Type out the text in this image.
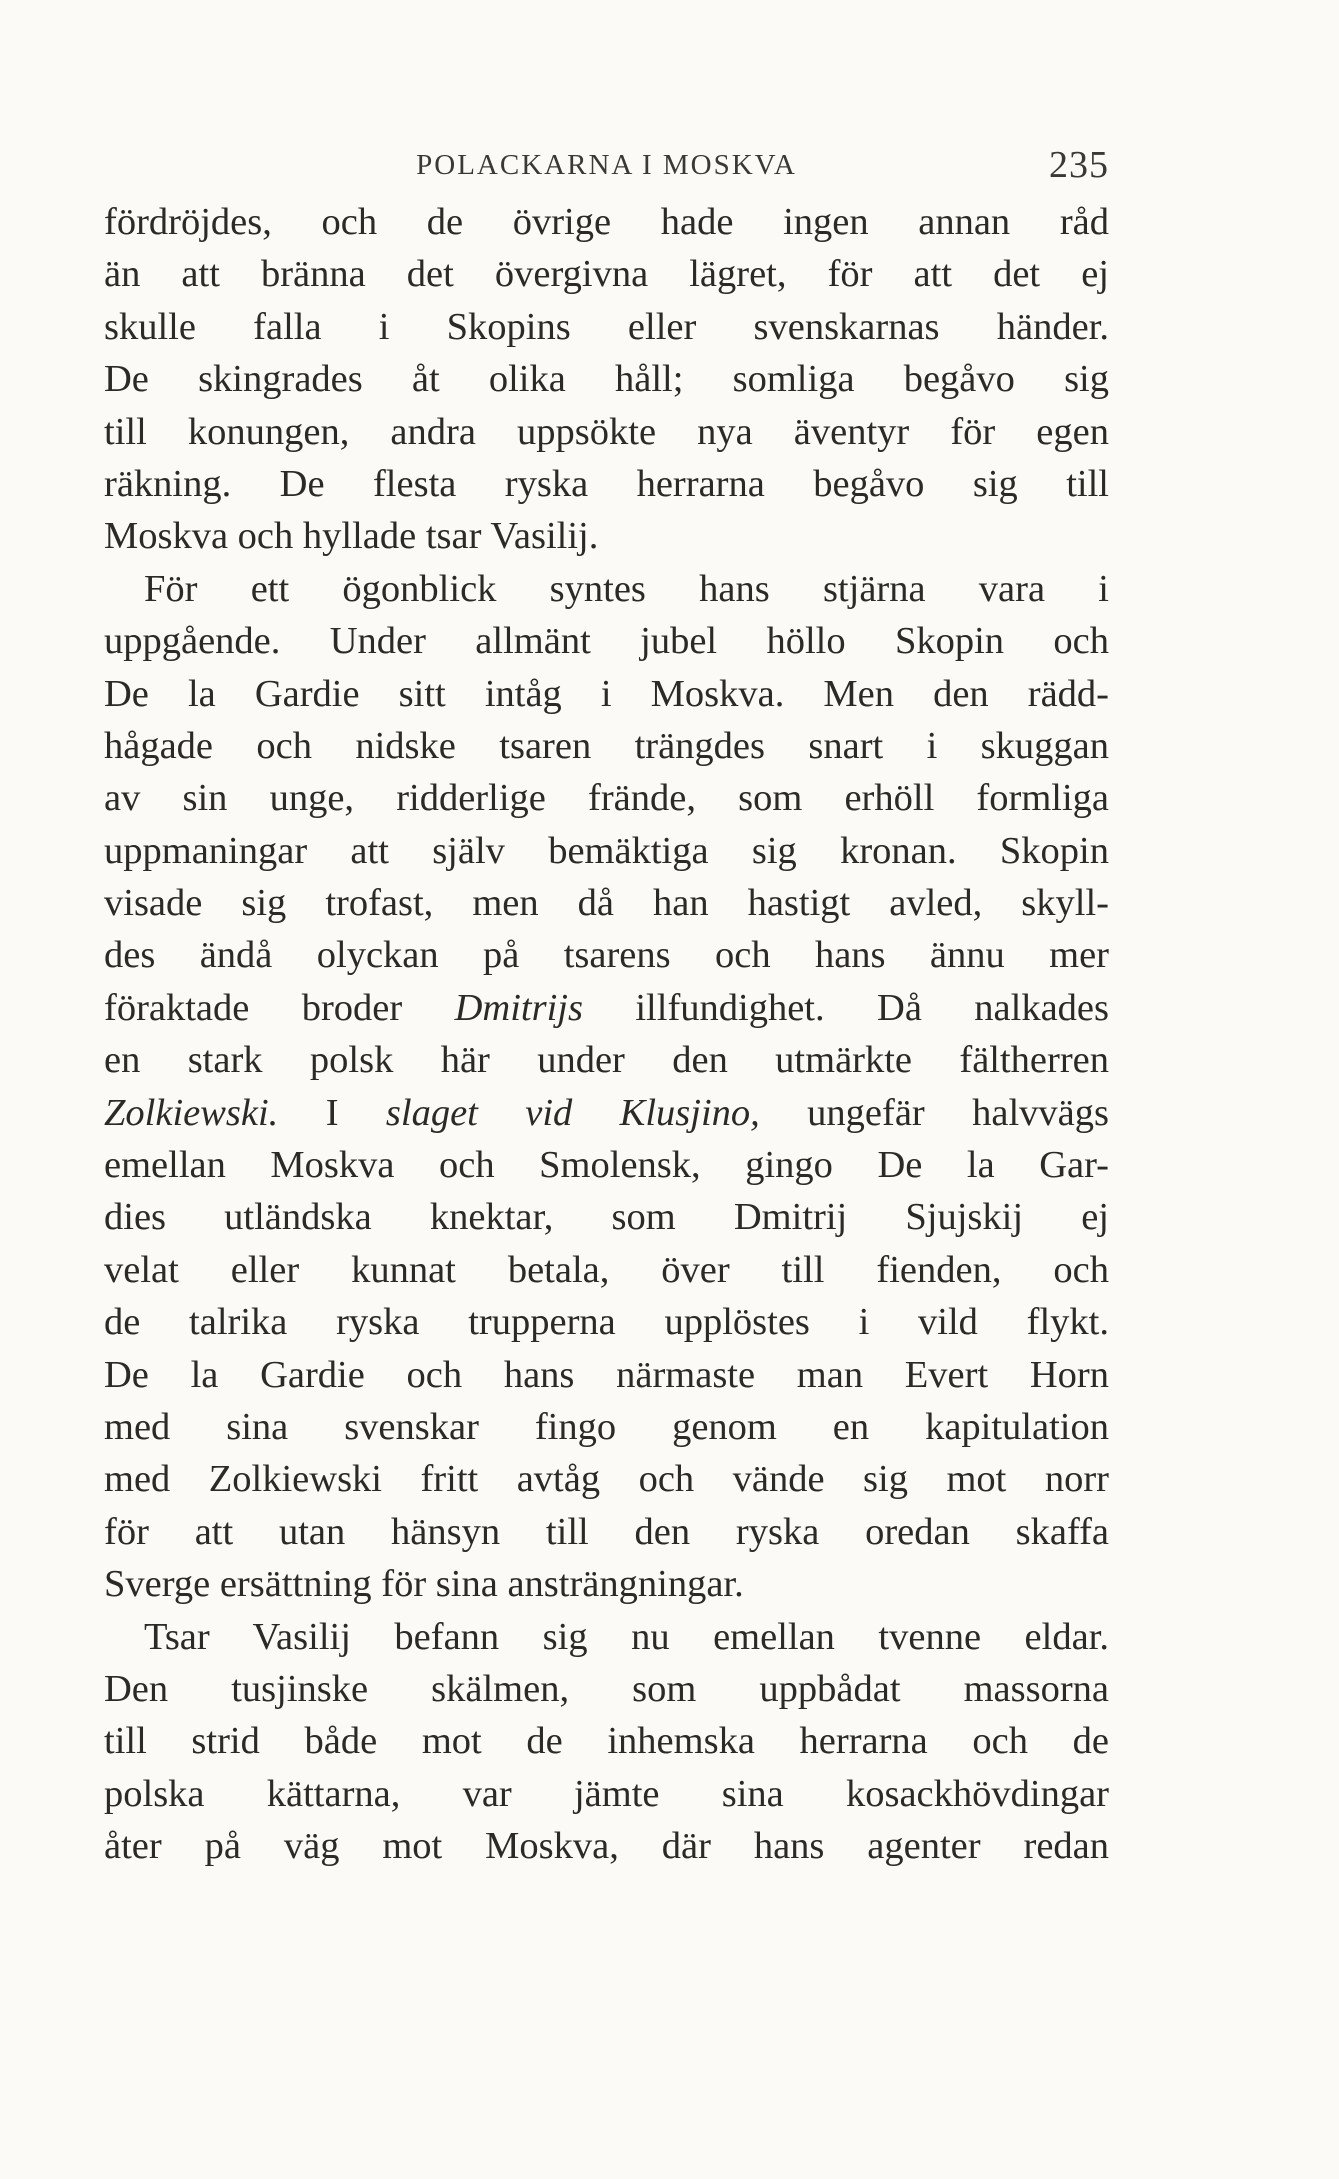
POLACKARNA I MOSKVA	235
fördröjdes, och de övrige hade ingen annan råd
än att bränna det övergivna lägret, för att det ej
skulle falla i Skopins eller svenskarnas händer.
De skingrades åt olika håll; somliga begåvo sig
till konungen, andra uppsökte nya äventyr för egen
räkning. De flesta ryska herrarna begåvo sig till
Moskva och hyllade tsar Vasilij.
För ett ögonblick syntes hans stjärna vara i
uppgående. Under allmänt jubel höllo Skopin och
De la Gardie sitt intåg i Moskva. Men den rädd-
hågade och nidske tsaren trängdes snart i skuggan
av sin unge, ridderlige frände, som erhöll formliga
uppmaningar att själv bemäktiga sig kronan. Skopin
visade sig trofast, men då han hastigt avled, skyll-
des ändå olyckan på tsarens och hans ännu mer
föraktade broder Dmitrijs illfundighet. Då nalkades
en stark polsk här under den utmärkte fältherren
Zolkiewski. I slaget vid Klusjino, ungefär halvvägs
emellan Moskva och Smolensk, gingo De la Gar-
dies utländska knektar, som Dmitrij Sjujskij ej
velat eller kunnat betala, över till fienden, och
de talrika ryska trupperna upplöstes i vild flykt.
De la Gardie och hans närmaste man Evert Horn
med sina svenskar fingo genom en kapitulation
med Zolkiewski fritt avtåg och vände sig mot norr
för att utan hänsyn till den ryska oredan skaffa
Sverge ersättning för sina ansträngningar.
Tsar Vasilij befann sig nu emellan tvenne eldar.
Den tusjinske skälmen, som uppbådat massorna
till strid både mot de inhemska herrarna och de
polska kättarna, var jämte sina kosackhövdingar
åter på väg mot Moskva, där hans agenter redan
